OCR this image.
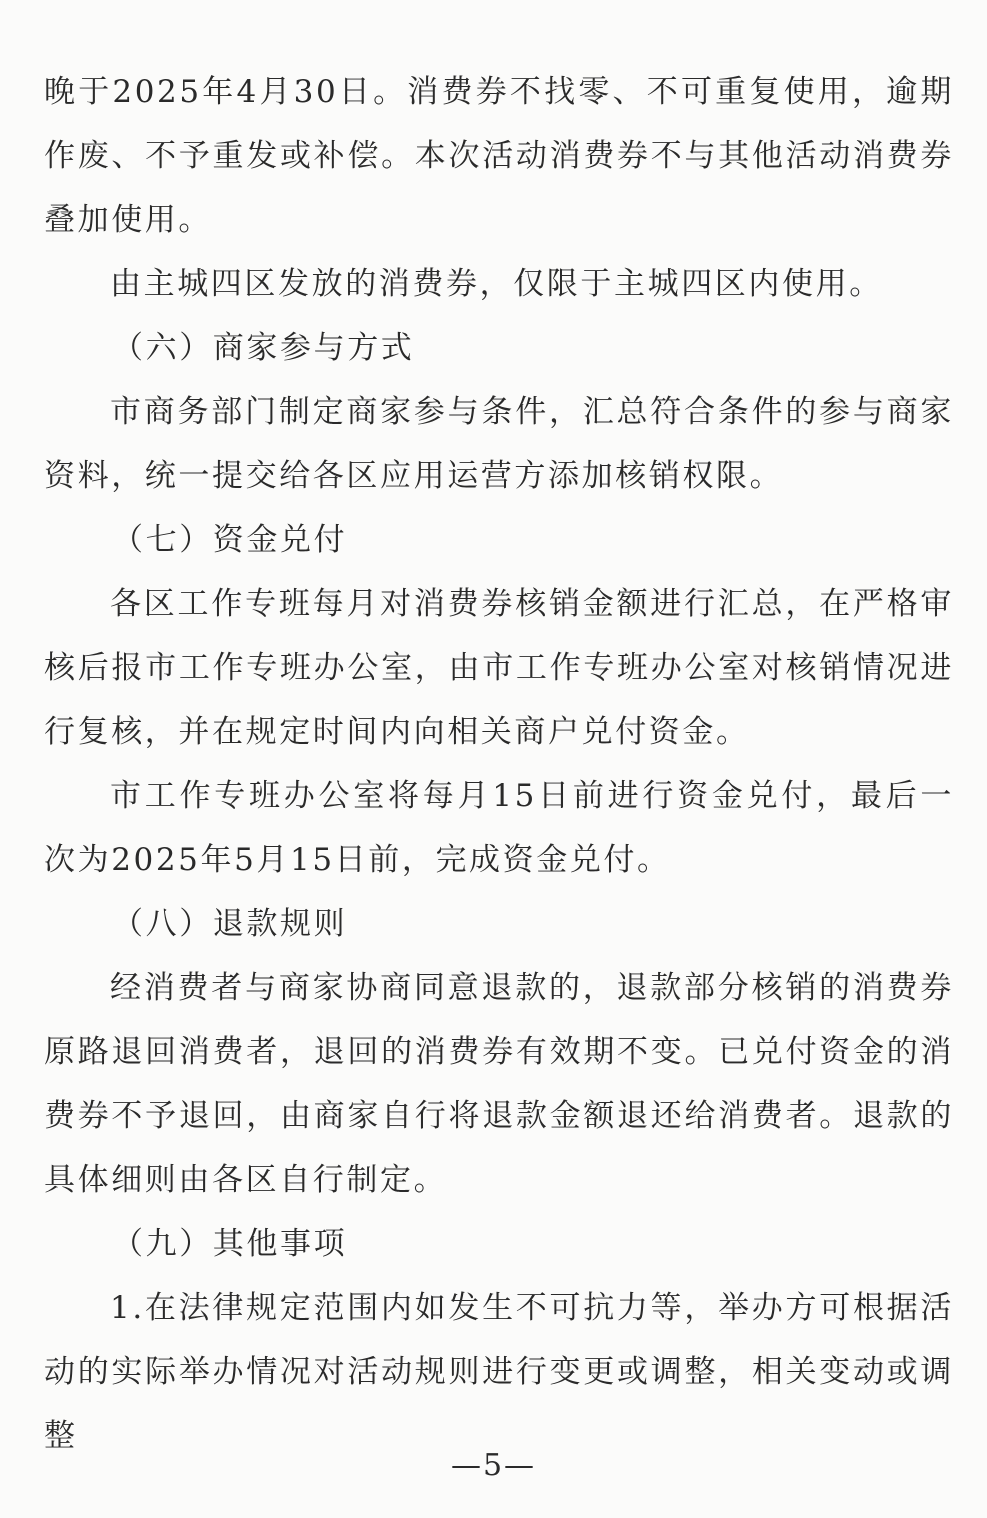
晚于2025年4月30日。消费券不找零、不可重复使用，逾期作废、不予重发或补偿。本次活动消费券不与其他活动消费券叠加使用。

由主城四区发放的消费券，仅限于主城四区内使用。

（六）商家参与方式

市商务部门制定商家参与条件，汇总符合条件的参与商家资料，统一提交给各区应用运营方添加核销权限。

（七）资金兑付

各区工作专班每月对消费券核销金额进行汇总，在严格审核后报市工作专班办公室，由市工作专班办公室对核销情况进行复核，并在规定时间内向相关商户兑付资金。

市工作专班办公室将每月15日前进行资金兑付，最后一次为2025年5月15日前，完成资金兑付。

（八）退款规则

经消费者与商家协商同意退款的，退款部分核销的消费券原路退回消费者，退回的消费券有效期不变。已兑付资金的消费券不予退回，由商家自行将退款金额退还给消费者。退款的具体细则由各区自行制定。

（九）其他事项

1.在法律规定范围内如发生不可抗力等，举办方可根据活动的实际举办情况对活动规则进行变更或调整，相关变动或调整

—5—
